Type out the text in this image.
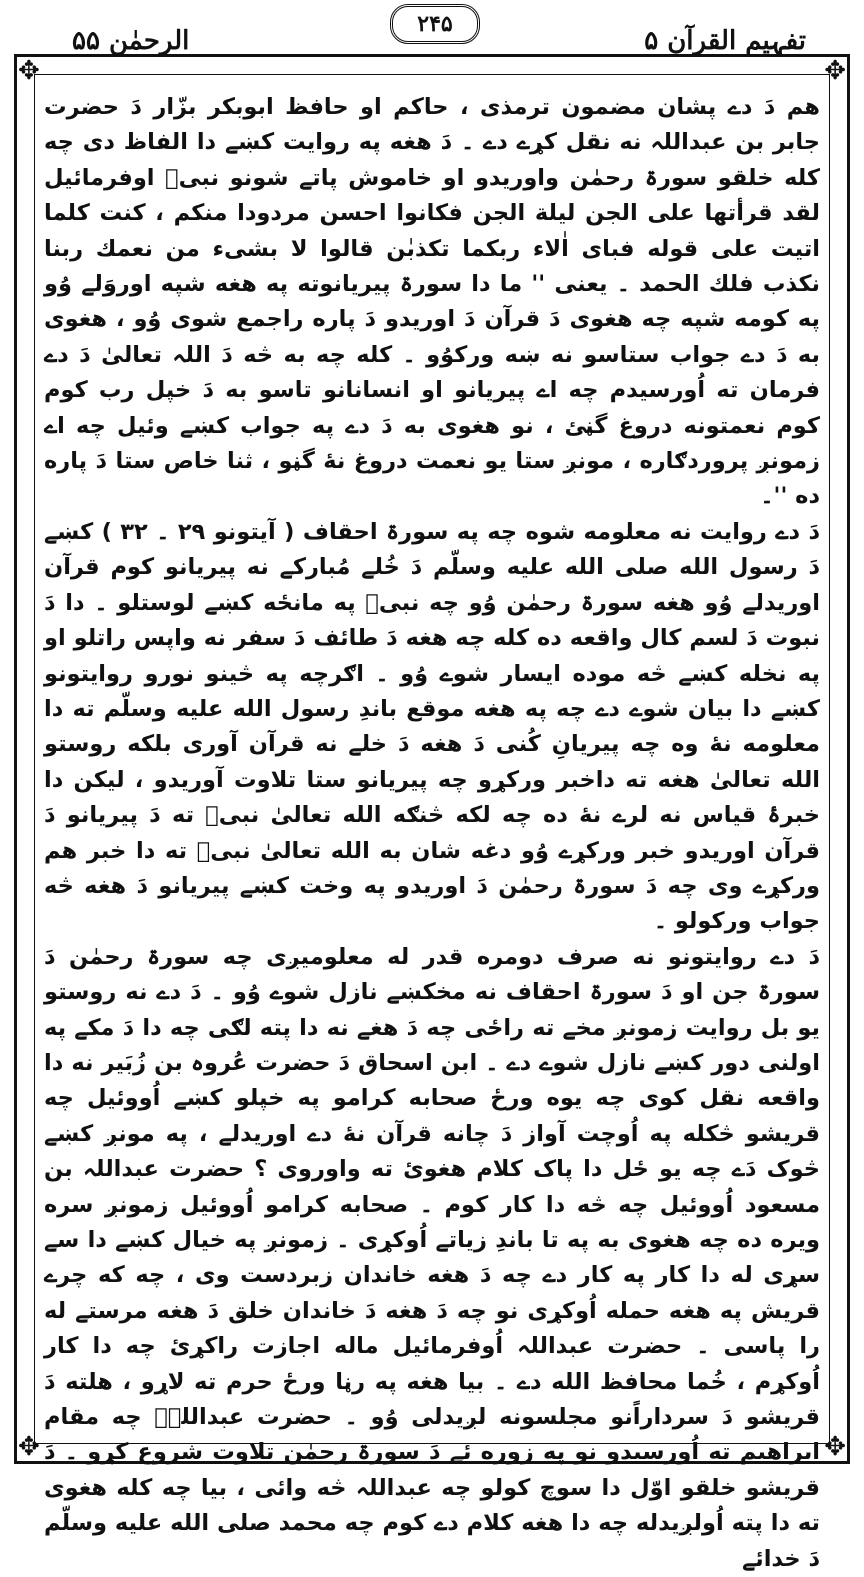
الرحمٰن ۵۵
۲۴۵
تفہیم القرآن ۵
✥	✥
✥	✥

هم دَ دے پشان مضمون ترمذی ، حاکم او حافظ ابوبکر بزّار دَ حضرت جابر بن عبداللہ نه نقل کړے دے ۔ دَ هغه په روایت کښے دا الفاظ دی چه کله خلقو سورۃ رحمٰن واوریدو او خاموش پاتے شونو نبیؐ اوفرمائیل لقد قرأتھا علی الجن لیلة الجن فکانوا احسن مردودا منکم ، کنت کلما اتیت علی قوله فبای اٰلاء ربکما تکذبٰن قالوا لا بشیء من نعمك ربنا نکذب فلك الحمد ۔ یعنی '' ما دا سورۃ پیریانوته په هغه شپه اوروَلے وُو په کومه شپه چه هغوی دَ قرآن دَ اوریدو دَ پاره راجمع شوی وُو ، هغوی به دَ دے جواب ستاسو نه ښه ورکوُو ۔ کله چه به څه دَ اللہ تعالیٰ دَ دے فرمان ته اُورسیدم چه اے پیریانو او انسانانو تاسو به دَ خپل رب کوم کوم نعمتونه دروغ گڼئ ، نو هغوی به دَ دے په جواب کښے وئیل چه اے زمونږ پروردګاره ، مونږ ستا یو نعمت دروغ نهٔ گڼو ، ثنا خاص ستا دَ پاره ده ''۔

دَ دے روایت نه معلومه شوه چه په سورۃ احقاف ( آیتونو ۲۹ ۔ ۳۲ ) کښے دَ رسول الله صلی الله علیه وسلّم دَ خُلے مُبارکے نه پیریانو کوم قرآن اوریدلے وُو هغه سورۃ رحمٰن وُو چه نبیؐ په مانځه کښے لوستلو ۔ دا دَ نبوت دَ لسم کال واقعه ده کله چه هغه دَ طائف دَ سفر نه واپس راتلو او په نخله کښے څه موده ایسار شوے وُو ۔ اګرچه په څینو نورو روایتونو کښے دا بیان شوے دے چه په هغه موقع باندِ رسول الله علیه وسلّم ته دا معلومه نهٔ وه چه پیریانِ کُنی دَ هغه دَ خلے نه قرآن آوری بلکه روستو الله تعالیٰ هغه ته داخبر ورکړو چه پیریانو ستا تلاوت آوریدو ، لیکن دا خبرۂ قیاس نه لرے نهٔ ده چه لکه څنګه الله تعالیٰ نبیؐ ته دَ پیریانو دَ قرآن اوریدو خبر ورکړے وُو دغه شان به الله تعالیٰ نبیؐ ته دا خبر هم ورکړے وی چه دَ سورۃ رحمٰن دَ اوریدو په وخت کښے پیریانو دَ هغه څه جواب ورکولو ۔

دَ دے روایتونو نه صرف دومره قدر له معلومیږی چه سورۃ رحمٰن دَ سورۃ جن او دَ سورۃ احقاف نه مخکښے نازل شوے وُو ۔ دَ دے نه روستو یو بل روایت زمونږ مخے ته راځی چه دَ هغے نه دا پته لګی چه دا دَ مکے په اولنی دور کښے نازل شوے دے ۔ ابن اسحاق دَ حضرت عُروہ بن زُبَیر نه دا واقعه نقل کوی چه یوه ورځ صحابه کرامو په خپلو کښے اُووئیل چه قریشو څکله په اُوچت آواز دَ چانه قرآن نهٔ دے اوریدلے ، په مونږ کښے څوک دَے چه یو ځل دا پاک کلام هغوئ ته واوروی ؟ حضرت عبداللہ بن مسعود اُووئیل چه څه دا کار کوم ۔ صحابه کرامو اُووئیل زمونږ سره ویره ده چه هغوی به په تا باندِ زیاتے اُوکړی ۔ زمونږ په خیال کښے دا سے سړی له دا کار په کار دے چه دَ هغه خاندان زبردست وی ، چه که چرے قریش په هغه حمله اُوکړی نو چه دَ هغه دَ خاندان خلق دَ هغه مرستے له را پاسی ۔ حضرت عبداللہ اُوفرمائیل ماله اجازت راکړئ چه دا کار اُوکړم ، خُما محافظ الله دے ۔ بیا هغه په رڼا ورځ حرم ته لاړو ، هلته دَ قریشو دَ سرداراًنو مجلسونه لږیدلی وُو ۔ حضرت عبداللہؓ چه مقام ابراهیم ته اُورسیدو نو په زوره ئے دَ سورۃ رحمٰن تلاوت شروع کړو ۔ دَ قریشو خلقو اوّل دا سوچ کولو چه عبداللہ څه وائی ، بیا چه کله هغوی ته دا پته اُولږیدله چه دا هغه کلام دے کوم چه محمد صلی الله علیه وسلّم دَ خدائے
